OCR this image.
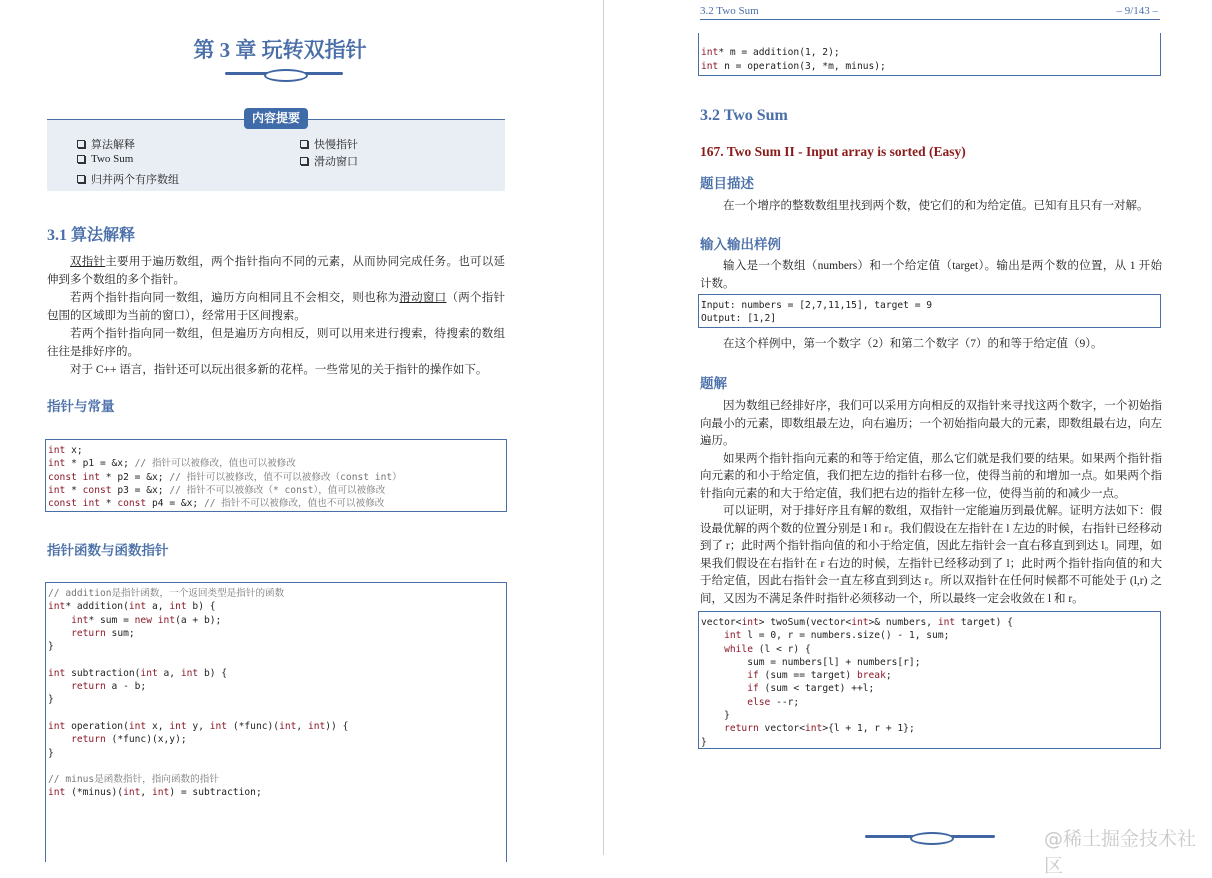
第 3 章 玩转双指针
算法解释	快慢指针
Two Sum	滑动窗口
归并两个有序数组
内容提要
3.1 算法解释

双指针主要用于遍历数组，两个指针指向不同的元素，从而协同完成任务。也可以延伸到多个数组的多个指针。

若两个指针指向同一数组，遍历方向相同且不会相交，则也称为滑动窗口（两个指针包围的区域即为当前的窗口），经常用于区间搜索。

若两个指针指向同一数组，但是遍历方向相反，则可以用来进行搜索，待搜索的数组往往是排好序的。

对于 C++ 语言，指针还可以玩出很多新的花样。一些常见的关于指针的操作如下。

指针与常量
int x;
int * p1 = &x; // 指针可以被修改，值也可以被修改
const int * p2 = &x; // 指针可以被修改，值不可以被修改（const int）
int * const p3 = &x; // 指针不可以被修改（* const），值可以被修改
const int * const p4 = &x; // 指针不可以被修改，值也不可以被修改
指针函数与函数指针
// addition是指针函数，一个返回类型是指针的函数
int* addition(int a, int b) {
int* sum = new int(a + b);
return sum;
}

int subtraction(int a, int b) {
return a - b;
}

int operation(int x, int y, int (*func)(int, int)) {
return (*func)(x,y);
}

// minus是函数指针，指向函数的指针
int (*minus)(int, int) = subtraction;
3.2 Two Sum	– 9/143 –

int* m = addition(1, 2);
int n = operation(3, *m, minus);
3.2 Two Sum
167. Two Sum II - Input array is sorted (Easy)
题目描述

在一个增序的整数数组里找到两个数，使它们的和为给定值。已知有且只有一对解。

输入输出样例

输入是一个数组（numbers）和一个给定值（target）。输出是两个数的位置，从 1 开始计数。

Input: numbers = [2,7,11,15], target = 9
Output: [1,2]

在这个样例中，第一个数字（2）和第二个数字（7）的和等于给定值（9）。

题解

因为数组已经排好序，我们可以采用方向相反的双指针来寻找这两个数字，一个初始指向最小的元素，即数组最左边，向右遍历；一个初始指向最大的元素，即数组最右边，向左遍历。

如果两个指针指向元素的和等于给定值，那么它们就是我们要的结果。如果两个指针指向元素的和小于给定值，我们把左边的指针右移一位，使得当前的和增加一点。如果两个指针指向元素的和大于给定值，我们把右边的指针左移一位，使得当前的和减少一点。

可以证明，对于排好序且有解的数组，双指针一定能遍历到最优解。证明方法如下：假设最优解的两个数的位置分别是 l 和 r。我们假设在左指针在 l 左边的时候，右指针已经移动到了 r；此时两个指针指向值的和小于给定值，因此左指针会一直右移直到到达 l。同理，如果我们假设在右指针在 r 右边的时候，左指针已经移动到了 l；此时两个指针指向值的和大于给定值，因此右指针会一直左移直到到达 r。所以双指针在任何时候都不可能处于 (l,r) 之间，又因为不满足条件时指针必须移动一个，所以最终一定会收敛在 l 和 r。

vector<int> twoSum(vector<int>& numbers, int target) {
int l = 0, r = numbers.size() - 1, sum;
while (l < r) {
sum = numbers[l] + numbers[r];
if (sum == target) break;
if (sum < target) ++l;
else --r;
}
return vector<int>{l + 1, r + 1};
}
@稀土掘金技术社区
